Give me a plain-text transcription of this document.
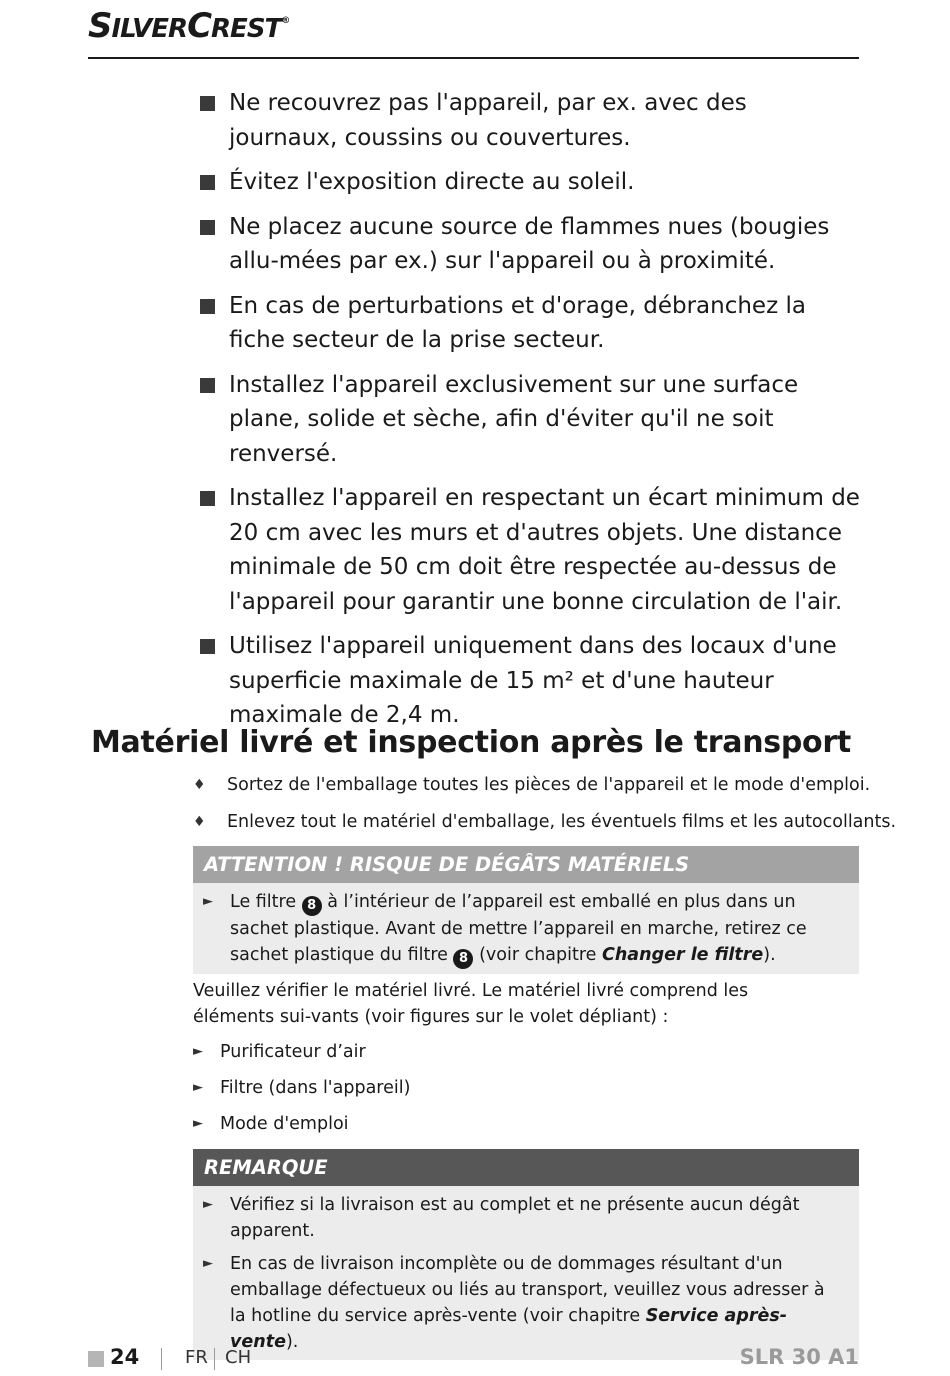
SILVERCREST®
Ne recouvrez pas l'appareil, par ex. avec des journaux, coussins ou couvertures.
Évitez l'exposition directe au soleil.
Ne placez aucune source de flammes nues (bougies allu-mées par ex.) sur l'appareil ou à proximité.
En cas de perturbations et d'orage, débranchez la fiche secteur de la prise secteur.
Installez l'appareil exclusivement sur une surface plane, solide et sèche, afin d'éviter qu'il ne soit renversé.
Installez l'appareil en respectant un écart minimum de 20 cm avec les murs et d'autres objets. Une distance minimale de 50 cm doit être respectée au-dessus de l'appareil pour garantir une bonne circulation de l'air.
Utilisez l'appareil uniquement dans des locaux d'une superficie maximale de 15 m² et d'une hauteur maximale de 2,4 m.
Matériel livré et inspection après le transport
♦	Sortez de l'emballage toutes les pièces de l'appareil et le mode d'emploi.
♦	Enlevez tout le matériel d'emballage, les éventuels films et les autocollants.
ATTENTION ! RISQUE DE DÉGÂTS MATÉRIELS
► Le filtre 8 à l’intérieur de l’appareil est emballé en plus dans un sachet plastique. Avant de mettre l’appareil en marche, retirez ce sachet plastique du filtre 8 (voir chapitre Changer le filtre).

Veuillez vérifier le matériel livré. Le matériel livré comprend les éléments sui-vants (voir figures sur le volet dépliant) :

► Purificateur d’air
► Filtre (dans l'appareil)
► Mode d'emploi
REMARQUE
► Vérifiez si la livraison est au complet et ne présente aucun dégât apparent.
► En cas de livraison incomplète ou de dommages résultant d'un emballage défectueux ou liés au transport, veuillez vous adresser à la hotline du service après-vente (voir chapitre Service après-vente).
24	FR CH	SLR 30 A1
